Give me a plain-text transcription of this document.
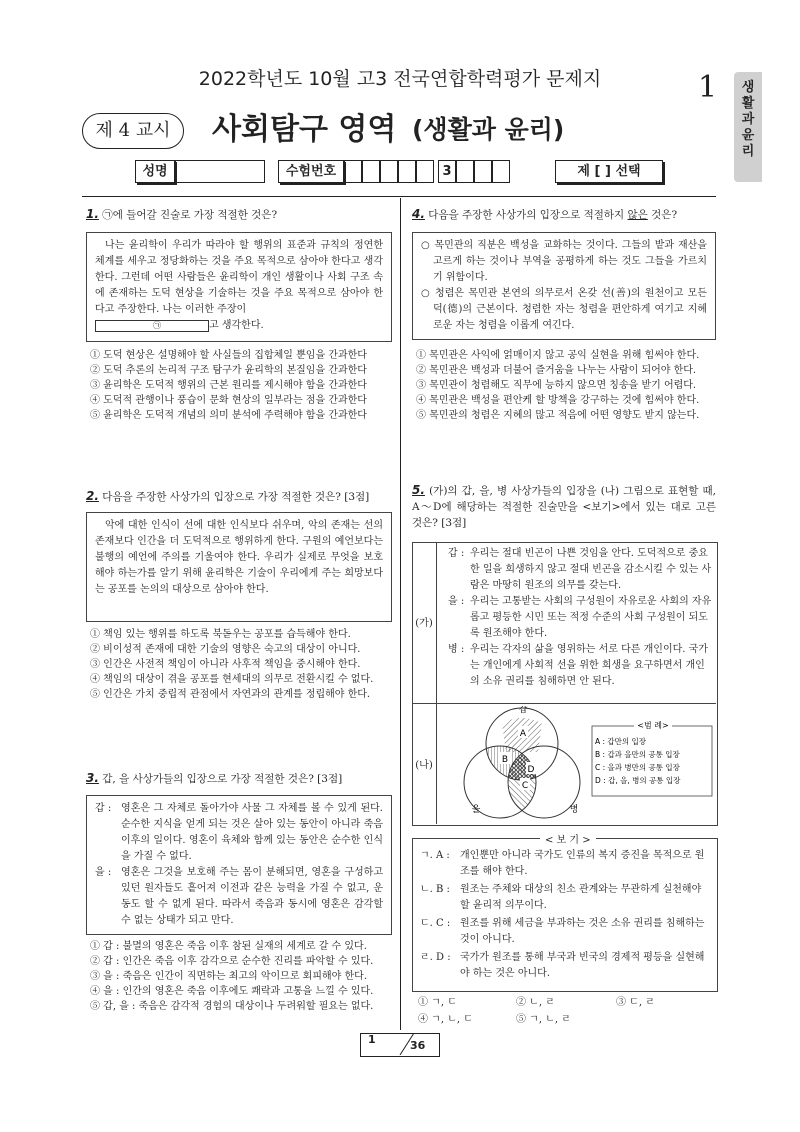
2022학년도 10월 고3 전국연합학력평가 문제지	1	생
활
과
윤
리
제 4 교시	사회탐구 영역 (생활과 윤리)
성명	수험번호	3	제 [ ] 선택
1. ㉠에 들어갈 진술로 가장 적절한 것은?
나는 윤리학이 우리가 따라야 할 행위의 표준과 규칙의 정연한 체계를 세우고 정당화하는 것을 주요 목적으로 삼아야 한다고 생각한다. 그런데 어떤 사람들은 윤리학이 개인 생활이나 사회 구조 속에 존재하는 도덕 현상을 기술하는 것을 주요 목적으로 삼아야 한다고 주장한다. 나는 이러한 주장이
㉠	고 생각한다.
① 도덕 현상은 설명해야 할 사실들의 집합체일 뿐임을 간과한다
② 도덕 추론의 논리적 구조 탐구가 윤리학의 본질임을 간과한다
③ 윤리학은 도덕적 행위의 근본 원리를 제시해야 함을 간과한다
④ 도덕적 관행이나 풍습이 문화 현상의 일부라는 점을 간과한다
⑤ 윤리학은 도덕적 개념의 의미 분석에 주력해야 함을 간과한다
2. 다음을 주장한 사상가의 입장으로 가장 적절한 것은? [3점]
악에 대한 인식이 선에 대한 인식보다 쉬우며, 악의 존재는 선의 존재보다 인간을 더 도덕적으로 행위하게 한다. 구원의 예언보다는 불행의 예언에 주의를 기울여야 한다. 우리가 실제로 무엇을 보호해야 하는가를 알기 위해 윤리학은 기술이 우리에게 주는 희망보다는 공포를 논의의 대상으로 삼아야 한다.
① 책임 있는 행위를 하도록 북돋우는 공포를 습득해야 한다.
② 비이성적 존재에 대한 기술의 영향은 숙고의 대상이 아니다.
③ 인간은 사전적 책임이 아니라 사후적 책임을 중시해야 한다.
④ 책임의 대상이 겪을 공포를 현세대의 의무로 전환시킬 수 없다.
⑤ 인간은 가치 중립적 관점에서 자연과의 관계를 정립해야 한다.
3. 갑, 을 사상가들의 입장으로 가장 적절한 것은? [3점]
갑 : 영혼은 그 자체로 돌아가야 사물 그 자체를 볼 수 있게 된다. 순수한 지식을 얻게 되는 것은 살아 있는 동안이 아니라 죽음 이후의 일이다. 영혼이 육체와 함께 있는 동안은 순수한 인식을 가질 수 없다.
을 : 영혼은 그것을 보호해 주는 몸이 분해되면, 영혼을 구성하고 있던 원자들도 흩어져 이전과 같은 능력을 가질 수 없고, 운동도 할 수 없게 된다. 따라서 죽음과 동시에 영혼은 감각할 수 없는 상태가 되고 만다.
① 갑 : 불멸의 영혼은 죽음 이후 참된 실재의 세계로 갈 수 있다.
② 갑 : 인간은 죽음 이후 감각으로 순수한 진리를 파악할 수 있다.
③ 을 : 죽음은 인간이 직면하는 최고의 악이므로 회피해야 한다.
④ 을 : 인간의 영혼은 죽음 이후에도 쾌락과 고통을 느낄 수 있다.
⑤ 갑, 을 : 죽음은 감각적 경험의 대상이나 두려워할 필요는 없다.
4. 다음을 주장한 사상가의 입장으로 적절하지 않은 것은?
○ 목민관의 직분은 백성을 교화하는 것이다. 그들의 밭과 재산을 고르게 하는 것이나 부역을 공평하게 하는 것도 그들을 가르치기 위함이다.
○ 청렴은 목민관 본연의 의무로서 온갖 선(善)의 원천이고 모든 덕(德)의 근본이다. 청렴한 자는 청렴을 편안하게 여기고 지혜로운 자는 청렴을 이롭게 여긴다.
① 목민관은 사익에 얽매이지 않고 공익 실현을 위해 힘써야 한다.
② 목민관은 백성과 더불어 즐거움을 나누는 사람이 되어야 한다.
③ 목민관이 청렴해도 직무에 능하지 않으면 칭송을 받기 어렵다.
④ 목민관은 백성을 편안케 할 방책을 강구하는 것에 힘써야 한다.
⑤ 목민관의 청렴은 지혜의 많고 적음에 어떤 영향도 받지 않는다.
5. (가)의 갑, 을, 병 사상가들의 입장을 (나) 그림으로 표현할 때, A～D에 해당하는 적절한 진술만을 <보기>에서 있는 대로 고른 것은? [3점]
(가)
(나)
갑 : 우리는 절대 빈곤이 나쁜 것임을 안다. 도덕적으로 중요한 일을 희생하지 않고 절대 빈곤을 감소시킬 수 있는 사람은 마땅히 원조의 의무를 갖는다.
을 : 우리는 고통받는 사회의 구성원이 자유로운 사회의 자유롭고 평등한 시민 또는 적정 수준의 사회 구성원이 되도록 원조해야 한다.
병 : 우리는 각자의 삶을 영위하는 서로 다른 개인이다. 국가는 개인에게 사회적 선을 위한 희생을 요구하면서 개인의 소유 권리를 침해하면 안 된다.
갑
을	병
A
B
D
C
<범 례>
A : 갑만의 입장
B : 갑과 을만의 공통 입장
C : 을과 병만의 공통 입장
D : 갑, 을, 병의 공통 입장
< 보 기 >
ㄱ. A :	개인뿐만 아니라 국가도 인류의 복지 증진을 목적으로 원조를 해야 한다.
ㄴ. B :	원조는 주체와 대상의 친소 관계와는 무관하게 실천해야 할 윤리적 의무이다.
ㄷ. C : 원조를 위해 세금을 부과하는 것은 소유 권리를 침해하는 것이 아니다.
ㄹ. D : 국가가 원조를 통해 부국과 빈국의 경제적 평등을 실현해야 하는 것은 아니다.
① ㄱ, ㄷ	② ㄴ, ㄹ	③ ㄷ, ㄹ
④ ㄱ, ㄴ, ㄷ	⑤ ㄱ, ㄴ, ㄹ
1	36
